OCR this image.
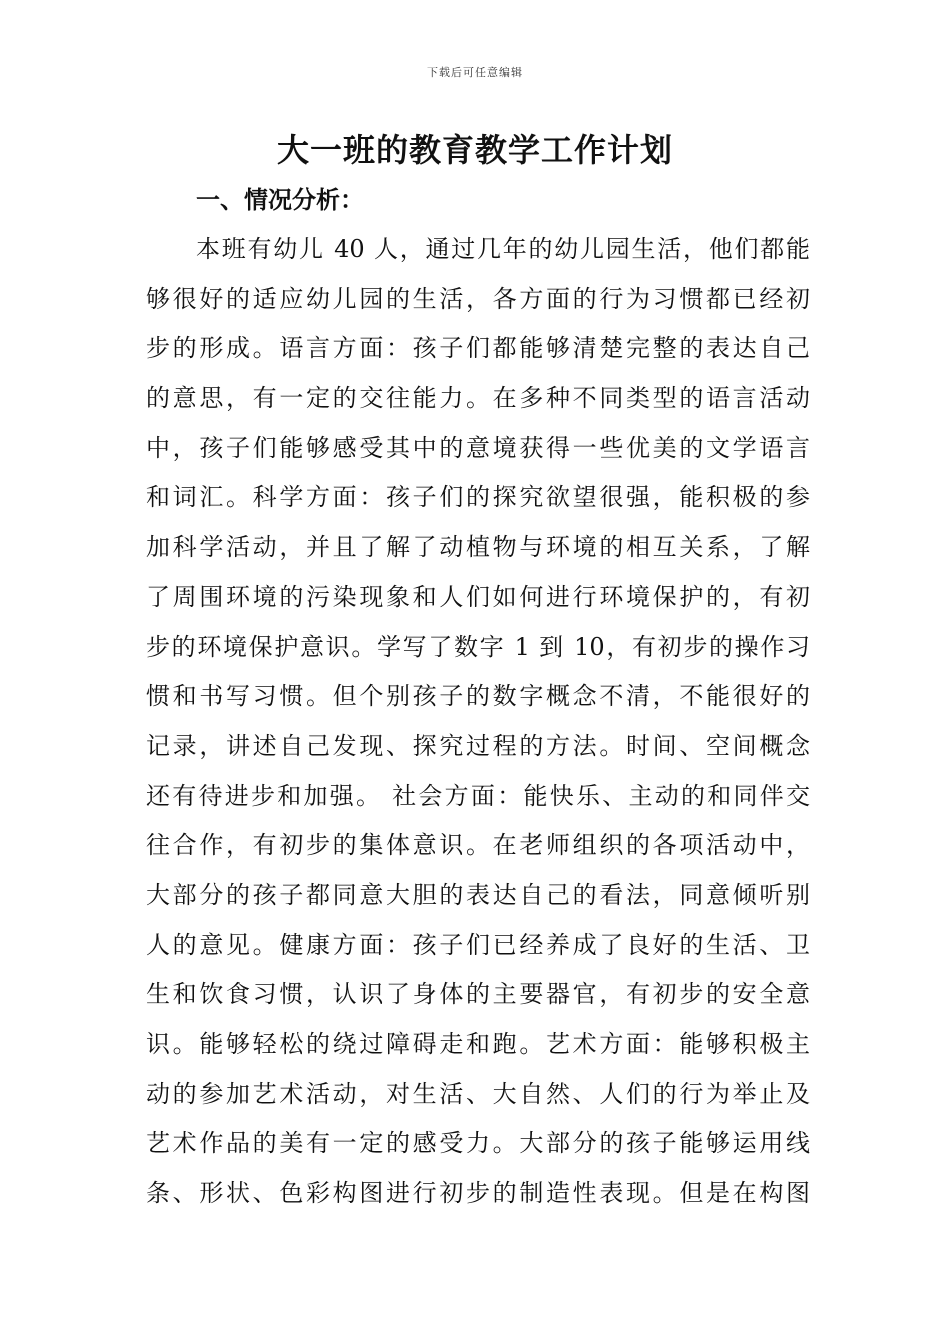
下载后可任意编辑
大一班的教育教学工作计划
一、情况分析：
本班有幼儿 40 人，通过几年的幼儿园生活，他们都能
够很好的适应幼儿园的生活，各方面的行为习惯都已经初
步的形成。语言方面：孩子们都能够清楚完整的表达自己
的意思，有一定的交往能力。在多种不同类型的语言活动
中，孩子们能够感受其中的意境获得一些优美的文学语言
和词汇。科学方面：孩子们的探究欲望很强，能积极的参
加科学活动，并且了解了动植物与环境的相互关系，了解
了周围环境的污染现象和人们如何进行环境保护的，有初
步的环境保护意识。学写了数字 1 到 10，有初步的操作习
惯和书写习惯。但个别孩子的数字概念不清，不能很好的
记录，讲述自己发现、探究过程的方法。时间、空间概念
还有待进步和加强。 社会方面：能快乐、主动的和同伴交
往合作，有初步的集体意识。在老师组织的各项活动中，
大部分的孩子都同意大胆的表达自己的看法，同意倾听别
人的意见。健康方面：孩子们已经养成了良好的生活、卫
生和饮食习惯，认识了身体的主要器官，有初步的安全意
识。能够轻松的绕过障碍走和跑。艺术方面：能够积极主
动的参加艺术活动，对生活、大自然、人们的行为举止及
艺术作品的美有一定的感受力。大部分的孩子能够运用线
条、形状、色彩构图进行初步的制造性表现。但是在构图
